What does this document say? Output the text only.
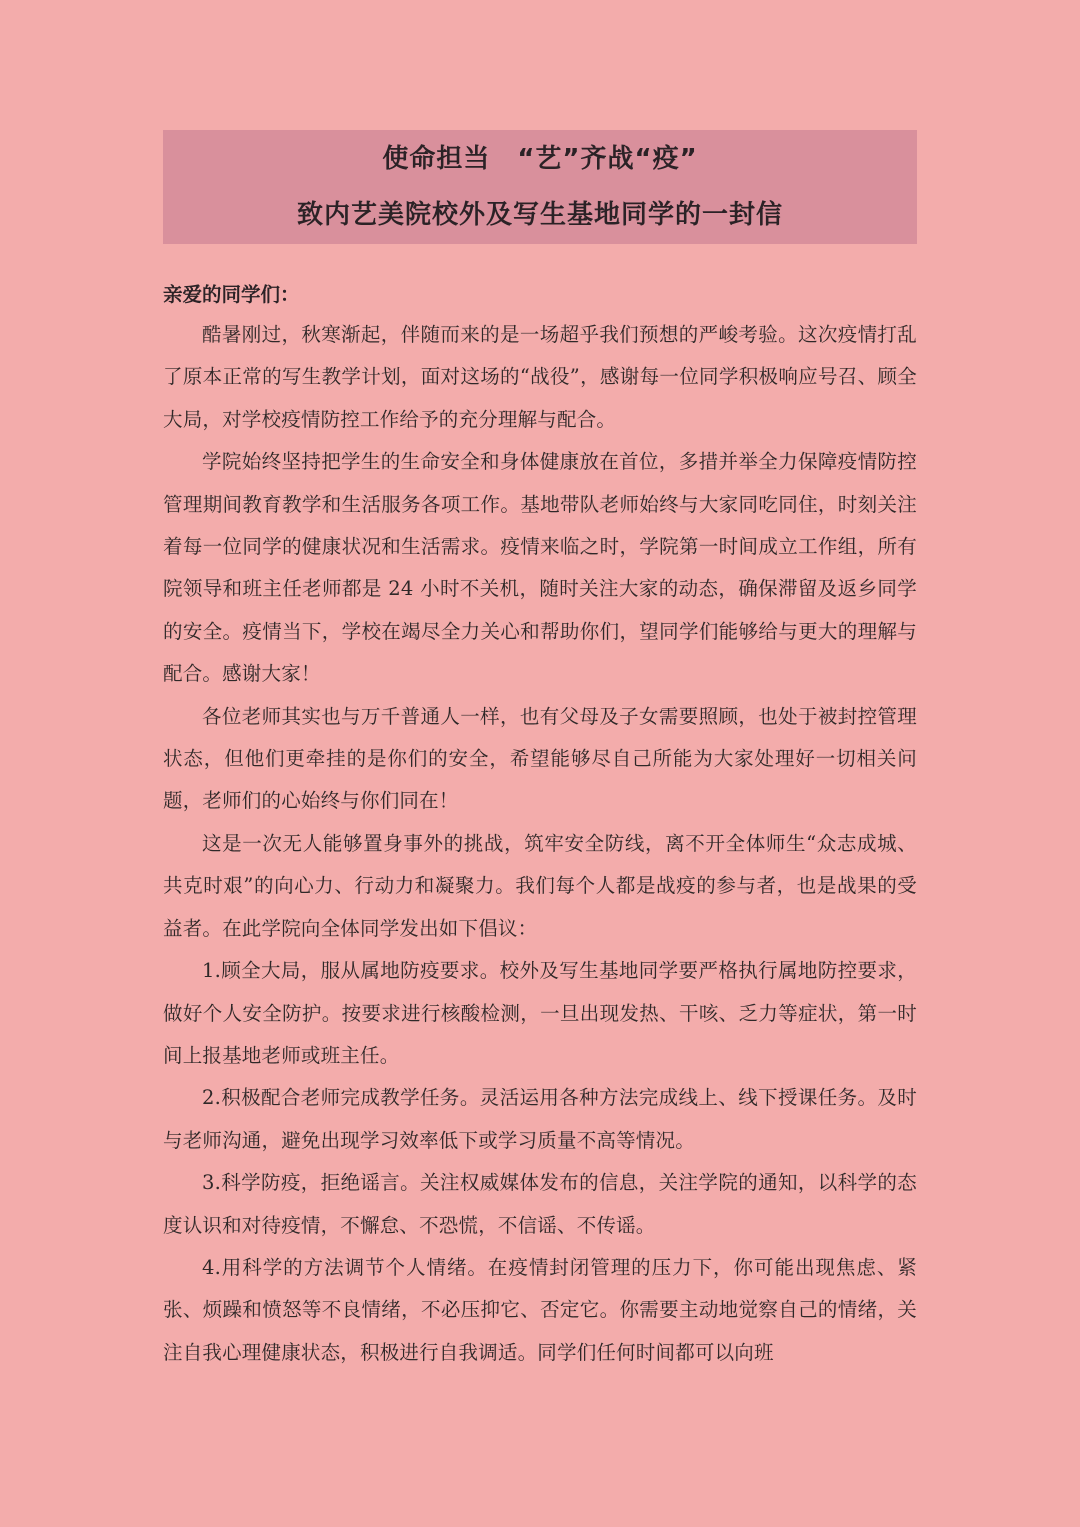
使命担当　“艺”齐战“疫”
致内艺美院校外及写生基地同学的一封信

亲爱的同学们：

酷暑刚过，秋寒渐起，伴随而来的是一场超乎我们预想的严峻考验。这次疫情打乱了原本正常的写生教学计划，面对这场的“战役”，感谢每一位同学积极响应号召、顾全大局，对学校疫情防控工作给予的充分理解与配合。

学院始终坚持把学生的生命安全和身体健康放在首位，多措并举全力保障疫情防控管理期间教育教学和生活服务各项工作。基地带队老师始终与大家同吃同住，时刻关注着每一位同学的健康状况和生活需求。疫情来临之时，学院第一时间成立工作组，所有院领导和班主任老师都是 24 小时不关机，随时关注大家的动态，确保滞留及返乡同学的安全。疫情当下，学校在竭尽全力关心和帮助你们，望同学们能够给与更大的理解与配合。感谢大家！

各位老师其实也与万千普通人一样，也有父母及子女需要照顾，也处于被封控管理状态，但他们更牵挂的是你们的安全，希望能够尽自己所能为大家处理好一切相关问题，老师们的心始终与你们同在！

这是一次无人能够置身事外的挑战，筑牢安全防线，离不开全体师生“众志成城、共克时艰”的向心力、行动力和凝聚力。我们每个人都是战疫的参与者，也是战果的受益者。在此学院向全体同学发出如下倡议：

1.顾全大局，服从属地防疫要求。校外及写生基地同学要严格执行属地防控要求，做好个人安全防护。按要求进行核酸检测，一旦出现发热、干咳、乏力等症状，第一时间上报基地老师或班主任。

2.积极配合老师完成教学任务。灵活运用各种方法完成线上、线下授课任务。及时与老师沟通，避免出现学习效率低下或学习质量不高等情况。

3.科学防疫，拒绝谣言。关注权威媒体发布的信息，关注学院的通知，以科学的态度认识和对待疫情，不懈怠、不恐慌，不信谣、不传谣。

4.用科学的方法调节个人情绪。在疫情封闭管理的压力下，你可能出现焦虑、紧张、烦躁和愤怒等不良情绪，不必压抑它、否定它。你需要主动地觉察自己的情绪，关注自我心理健康状态，积极进行自我调适。同学们任何时间都可以向班
